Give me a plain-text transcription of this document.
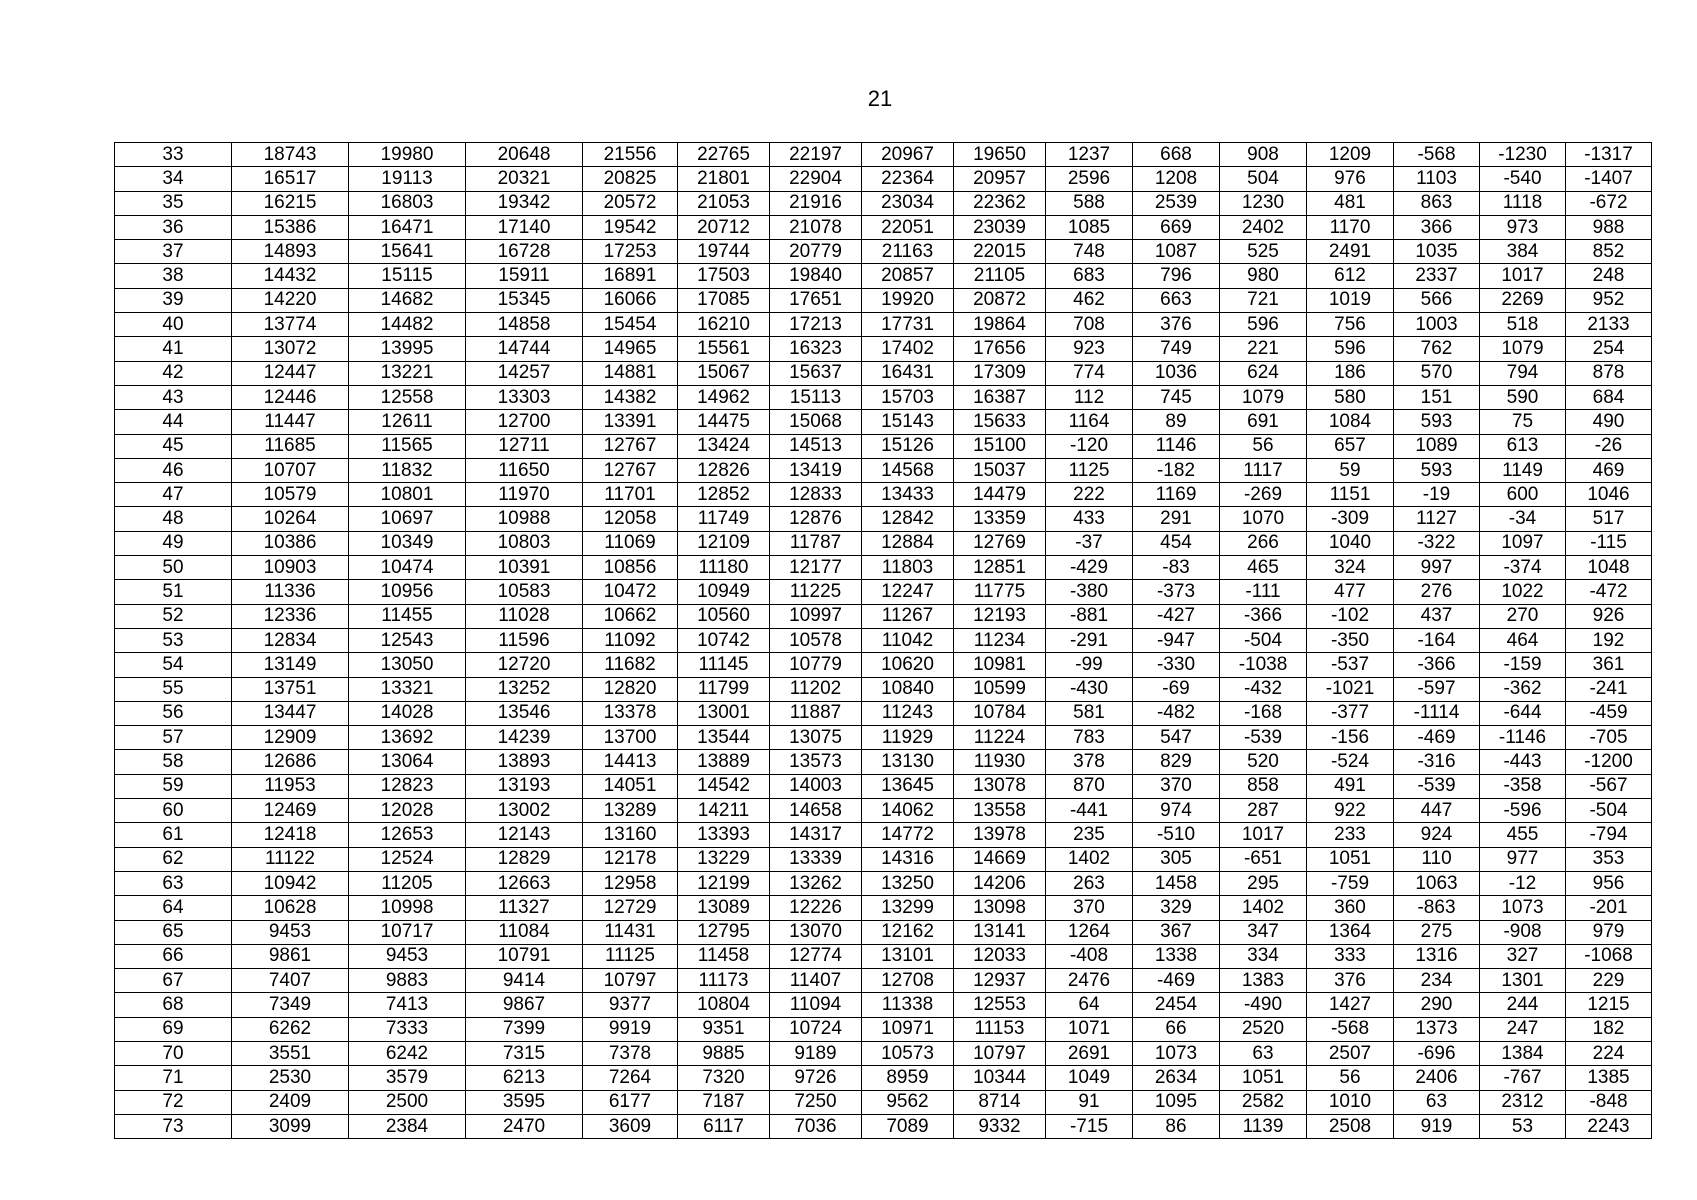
21
33	18743	19980	20648	21556	22765	22197	20967	19650	1237	668	908	1209	-568	-1230	-1317
34	16517	19113	20321	20825	21801	22904	22364	20957	2596	1208	504	976	1103	-540	-1407
35	16215	16803	19342	20572	21053	21916	23034	22362	588	2539	1230	481	863	1118	-672
36	15386	16471	17140	19542	20712	21078	22051	23039	1085	669	2402	1170	366	973	988
37	14893	15641	16728	17253	19744	20779	21163	22015	748	1087	525	2491	1035	384	852
38	14432	15115	15911	16891	17503	19840	20857	21105	683	796	980	612	2337	1017	248
39	14220	14682	15345	16066	17085	17651	19920	20872	462	663	721	1019	566	2269	952
40	13774	14482	14858	15454	16210	17213	17731	19864	708	376	596	756	1003	518	2133
41	13072	13995	14744	14965	15561	16323	17402	17656	923	749	221	596	762	1079	254
42	12447	13221	14257	14881	15067	15637	16431	17309	774	1036	624	186	570	794	878
43	12446	12558	13303	14382	14962	15113	15703	16387	112	745	1079	580	151	590	684
44	11447	12611	12700	13391	14475	15068	15143	15633	1164	89	691	1084	593	75	490
45	11685	11565	12711	12767	13424	14513	15126	15100	-120	1146	56	657	1089	613	-26
46	10707	11832	11650	12767	12826	13419	14568	15037	1125	-182	1117	59	593	1149	469
47	10579	10801	11970	11701	12852	12833	13433	14479	222	1169	-269	1151	-19	600	1046
48	10264	10697	10988	12058	11749	12876	12842	13359	433	291	1070	-309	1127	-34	517
49	10386	10349	10803	11069	12109	11787	12884	12769	-37	454	266	1040	-322	1097	-115
50	10903	10474	10391	10856	11180	12177	11803	12851	-429	-83	465	324	997	-374	1048
51	11336	10956	10583	10472	10949	11225	12247	11775	-380	-373	-111	477	276	1022	-472
52	12336	11455	11028	10662	10560	10997	11267	12193	-881	-427	-366	-102	437	270	926
53	12834	12543	11596	11092	10742	10578	11042	11234	-291	-947	-504	-350	-164	464	192
54	13149	13050	12720	11682	11145	10779	10620	10981	-99	-330	-1038	-537	-366	-159	361
55	13751	13321	13252	12820	11799	11202	10840	10599	-430	-69	-432	-1021	-597	-362	-241
56	13447	14028	13546	13378	13001	11887	11243	10784	581	-482	-168	-377	-1114	-644	-459
57	12909	13692	14239	13700	13544	13075	11929	11224	783	547	-539	-156	-469	-1146	-705
58	12686	13064	13893	14413	13889	13573	13130	11930	378	829	520	-524	-316	-443	-1200
59	11953	12823	13193	14051	14542	14003	13645	13078	870	370	858	491	-539	-358	-567
60	12469	12028	13002	13289	14211	14658	14062	13558	-441	974	287	922	447	-596	-504
61	12418	12653	12143	13160	13393	14317	14772	13978	235	-510	1017	233	924	455	-794
62	11122	12524	12829	12178	13229	13339	14316	14669	1402	305	-651	1051	110	977	353
63	10942	11205	12663	12958	12199	13262	13250	14206	263	1458	295	-759	1063	-12	956
64	10628	10998	11327	12729	13089	12226	13299	13098	370	329	1402	360	-863	1073	-201
65	9453	10717	11084	11431	12795	13070	12162	13141	1264	367	347	1364	275	-908	979
66	9861	9453	10791	11125	11458	12774	13101	12033	-408	1338	334	333	1316	327	-1068
67	7407	9883	9414	10797	11173	11407	12708	12937	2476	-469	1383	376	234	1301	229
68	7349	7413	9867	9377	10804	11094	11338	12553	64	2454	-490	1427	290	244	1215
69	6262	7333	7399	9919	9351	10724	10971	11153	1071	66	2520	-568	1373	247	182
70	3551	6242	7315	7378	9885	9189	10573	10797	2691	1073	63	2507	-696	1384	224
71	2530	3579	6213	7264	7320	9726	8959	10344	1049	2634	1051	56	2406	-767	1385
72	2409	2500	3595	6177	7187	7250	9562	8714	91	1095	2582	1010	63	2312	-848
73	3099	2384	2470	3609	6117	7036	7089	9332	-715	86	1139	2508	919	53	2243
